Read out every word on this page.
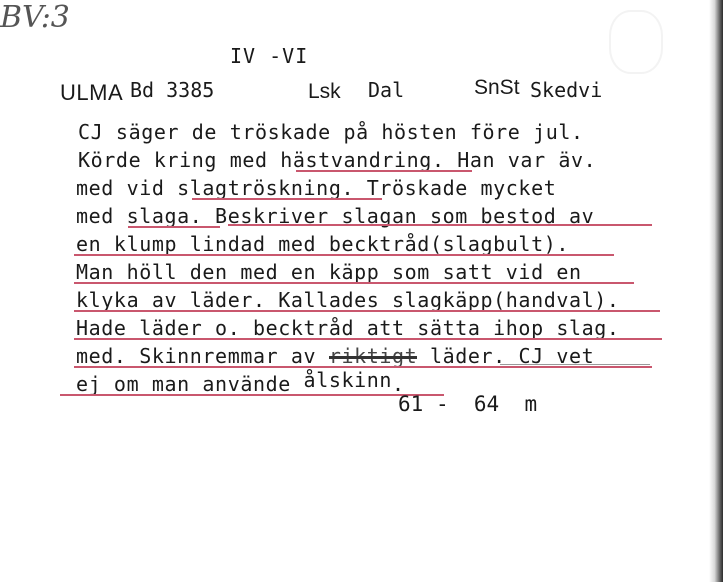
IV -VI
ULMA Bd 3385	Lsk Dal	SnSt Skedvi
CJ säger de tröskade på hösten före jul.
Körde kring med hästvandring. Han var äv.
med vid slagtröskning. Tröskade mycket
med slaga. Beskriver slagan som bestod av
en klump lindad med becktråd(slagbult).
Man höll den med en käpp som satt vid en
klyka av läder. Kallades slagkäpp(handval).
Hade läder o. becktråd att sätta ihop slag.
med. Skinnremmar av riktigt läder. CJ vet
ej om man använde ålskinn.
61 - 64 m
BV:3
